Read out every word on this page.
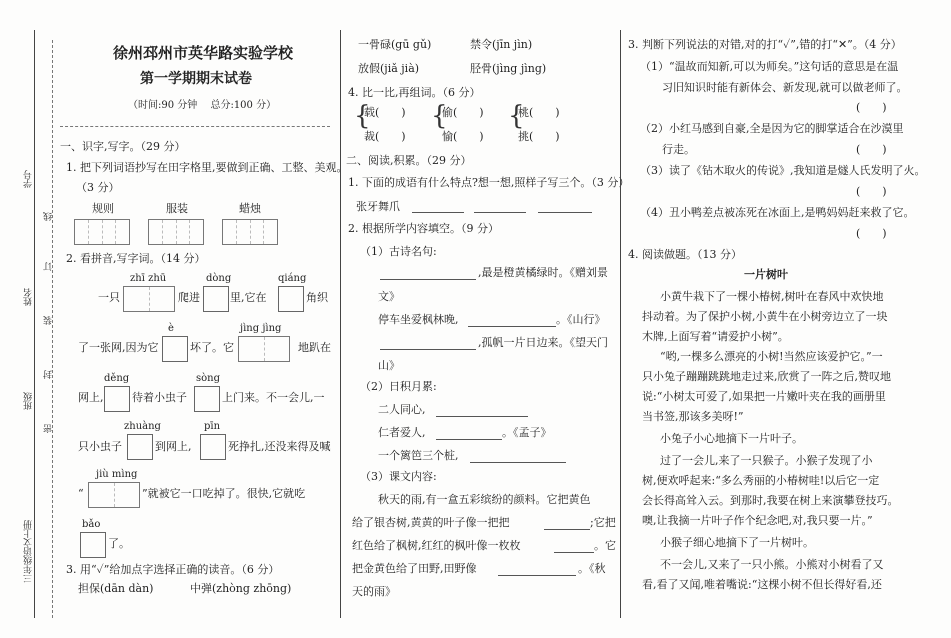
学号
姓名
班级
三年级语文上册
线
订
装
封
密
徐州邳州市英华路实验学校
第一学期期末试卷
（时间:90 分钟　 总分:100 分）
一、识字,写字。（29 分）
1. 把下列词语抄写在田字格里,要做到正确、工整、美观。
（3 分）
规则	服装	蜡烛
2. 看拼音,写字词。（14 分）
zhī zhū	dòng	qiáng
一只	爬进	里,它在	角织
è	jìng jìng
了一张网,因为它	坏了。它	地趴在
děng	sòng
网上,	待着小虫子	上门来。不一会儿,一
zhuàng	pīn
只小虫子	到网上,	死挣扎,还没来得及喊
jiù mìng
“	”就被它一口吃掉了。很快,它就吃
bǎo
了。
3. 用“✓”给加点字选择正确的读音。（6 分）
担保(dān dàn)	中弹(zhòng zhōng)
一骨碌(gū gǔ)	禁令(jīn jìn)
放假(jiǎ jià)	胫骨(jìng jìng)
4. 比一比,再组词。（6 分）
{ { {
载(　　)	偷(　　)	桃(　　)
裁(　　)	愉(　　)	挑(　　)
二、阅读,积累。（29 分）
1. 下面的成语有什么特点?想一想,照样子写三个。（3 分）
张牙舞爪
2. 根据所学内容填空。（9 分）
（1）古诗名句:
,最是橙黄橘绿时。《赠刘景
文》
停车坐爱枫林晚,	。《山行》
,孤帆一片日边来。《望天门
山》
（2）日积月累:
二人同心,
仁者爱人,	。《孟子》
一个篱笆三个桩,
（3）课文内容:
秋天的雨,有一盒五彩缤纷的颜料。它把黄色
给了银杏树,黄黄的叶子像一把把	;它把
红色给了枫树,红红的枫叶像一枚枚	。它
把金黄色给了田野,田野像	。《秋
天的雨》
3. 判断下列说法的对错,对的打“✓”,错的打“✕”。（4 分）
（1）“温故而知新,可以为师矣。”这句话的意思是在温
习旧知识时能有新体会、新发现,就可以做老师了。
(　　)
（2）小红马感到自豪,全是因为它的脚掌适合在沙漠里
行走。	(　　)
（3）读了《钻木取火的传说》,我知道是燧人氏发明了火。
(　　)
（4）丑小鸭差点被冻死在冰面上,是鸭妈妈赶来救了它。
(　　)
4. 阅读做题。（13 分）
一片树叶
小黄牛栽下了一棵小椿树,树叶在春风中欢快地
抖动着。为了保护小树,小黄牛在小树旁边立了一块
木牌,上面写着“请爱护小树”。
“哟,一棵多么漂亮的小树!当然应该爱护它。”一
只小兔子蹦蹦跳跳地走过来,欣赏了一阵之后,赞叹地
说:“小树太可爱了,如果把一片嫩叶夹在我的画册里
当书签,那该多美呀!”
小兔子小心地摘下一片叶子。
过了一会儿,来了一只猴子。小猴子发现了小
树,便欢呼起来:“多么秀丽的小椿树哇!以后它一定
会长得高耸入云。到那时,我要在树上来演攀登技巧。
噢,让我摘一片叶子作个纪念吧,对,我只要一片。”
小猴子细心地摘下了一片树叶。
不一会儿,又来了一只小熊。小熊对小树看了又
看,看了又闻,唯着嘴说:“这棵小树不但长得好看,还
